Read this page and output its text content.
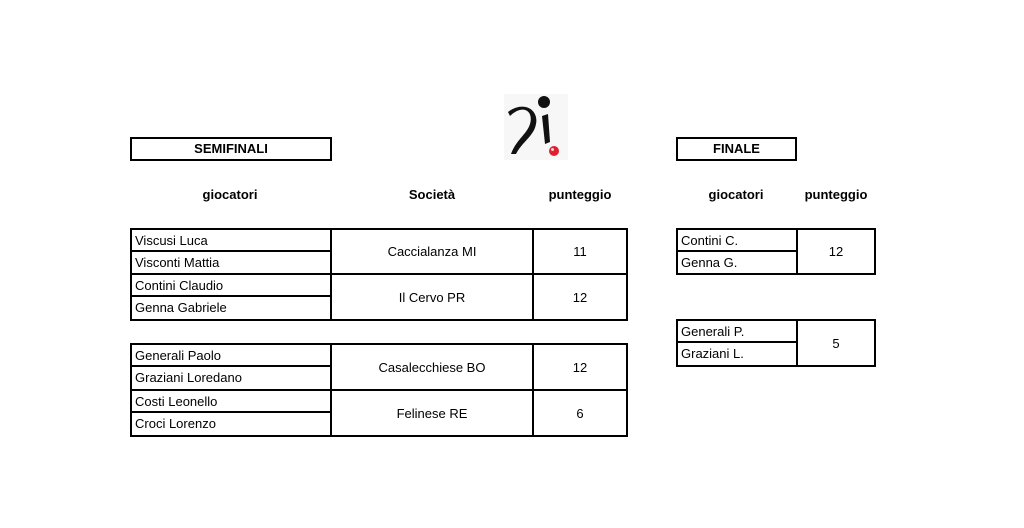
SEMIFINALI
giocatori	Società	punteggio
Viscusi Luca
Visconti Mattia
Caccialanza MI	11
Contini Claudio
Genna Gabriele
Il Cervo PR	12
Generali Paolo
Graziani Loredano
Casalecchiese BO	12
Costi Leonello
Croci Lorenzo
Felinese RE	6
FINALE
giocatori	punteggio
Contini C.
Genna G.
12
Generali P.
Graziani L.
5
